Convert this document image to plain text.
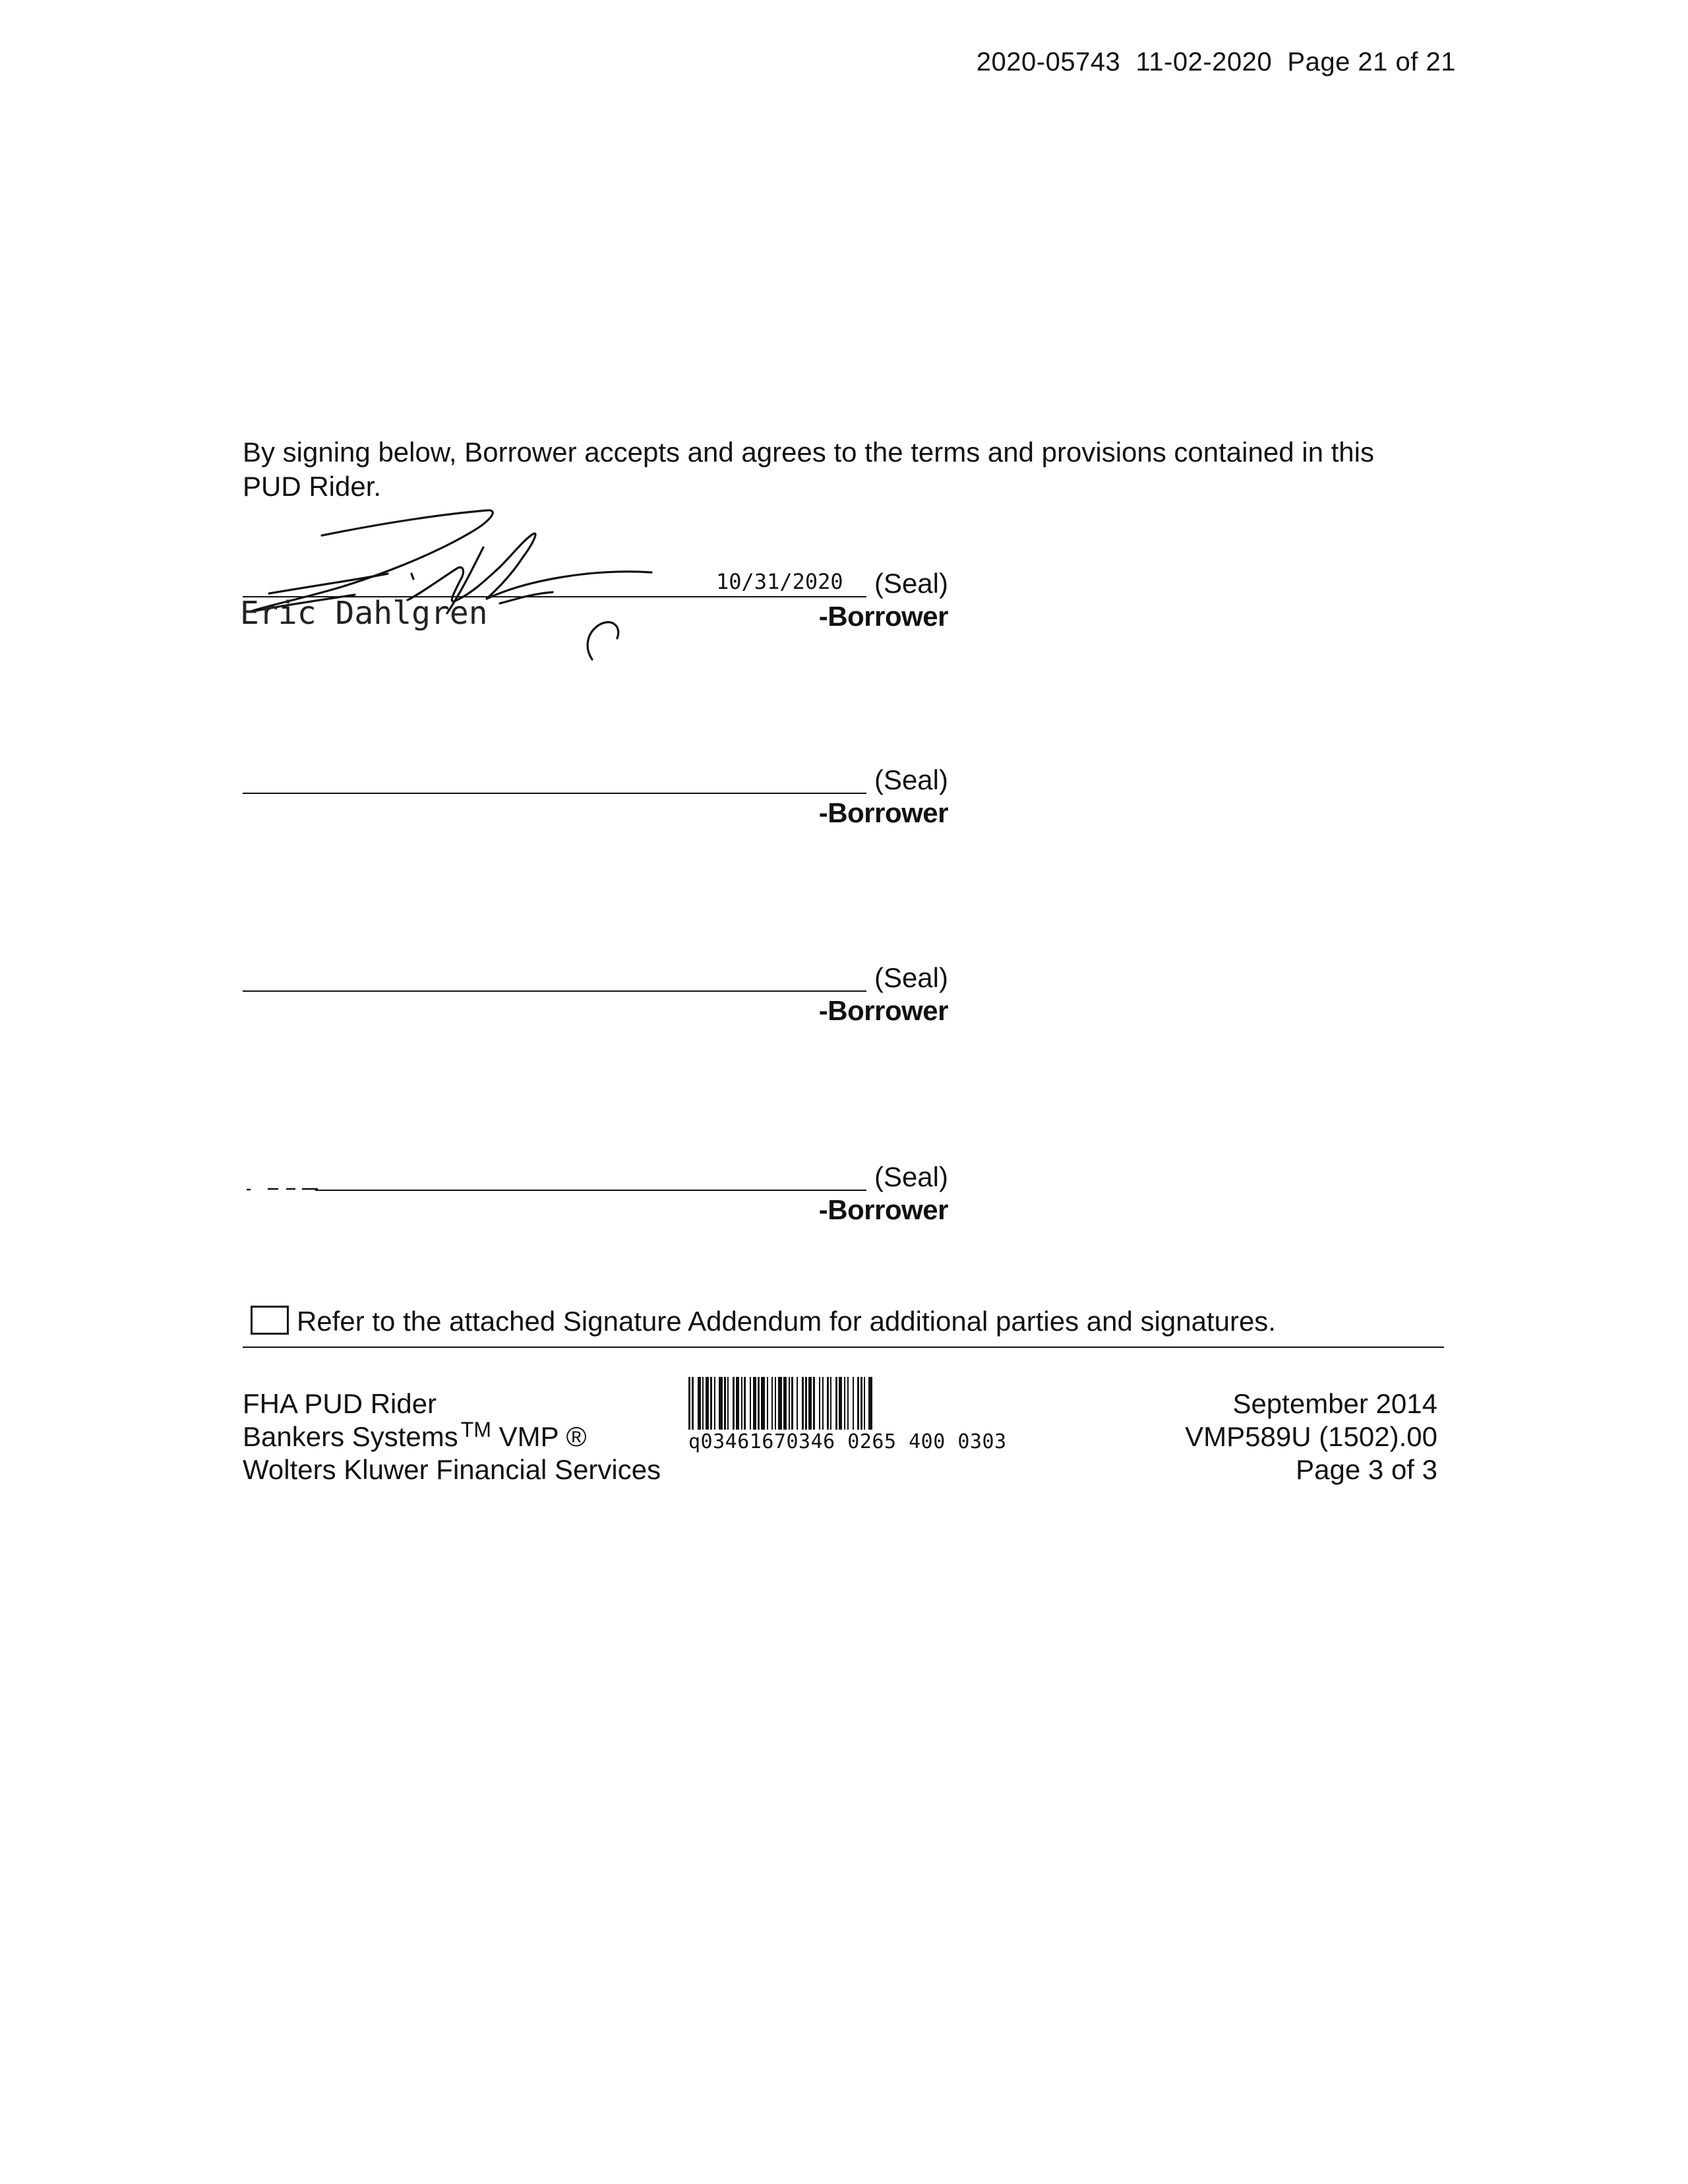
2020-05743  11-02-2020  Page 21 of 21
By signing below, Borrower accepts and agrees to the terms and provisions contained in this PUD Rider.
10/31/2020
Eric Dahlgren
(Seal)
-Borrower
(Seal)
-Borrower
(Seal)
-Borrower
(Seal)
-Borrower
Refer to the attached Signature Addendum for additional parties and signatures.
FHA PUD Rider
Bankers Systems ™ VMP ®
Wolters Kluwer Financial Services
q03461670346 0265 400 0303
September 2014
VMP589U (1502).00
Page 3 of 3
